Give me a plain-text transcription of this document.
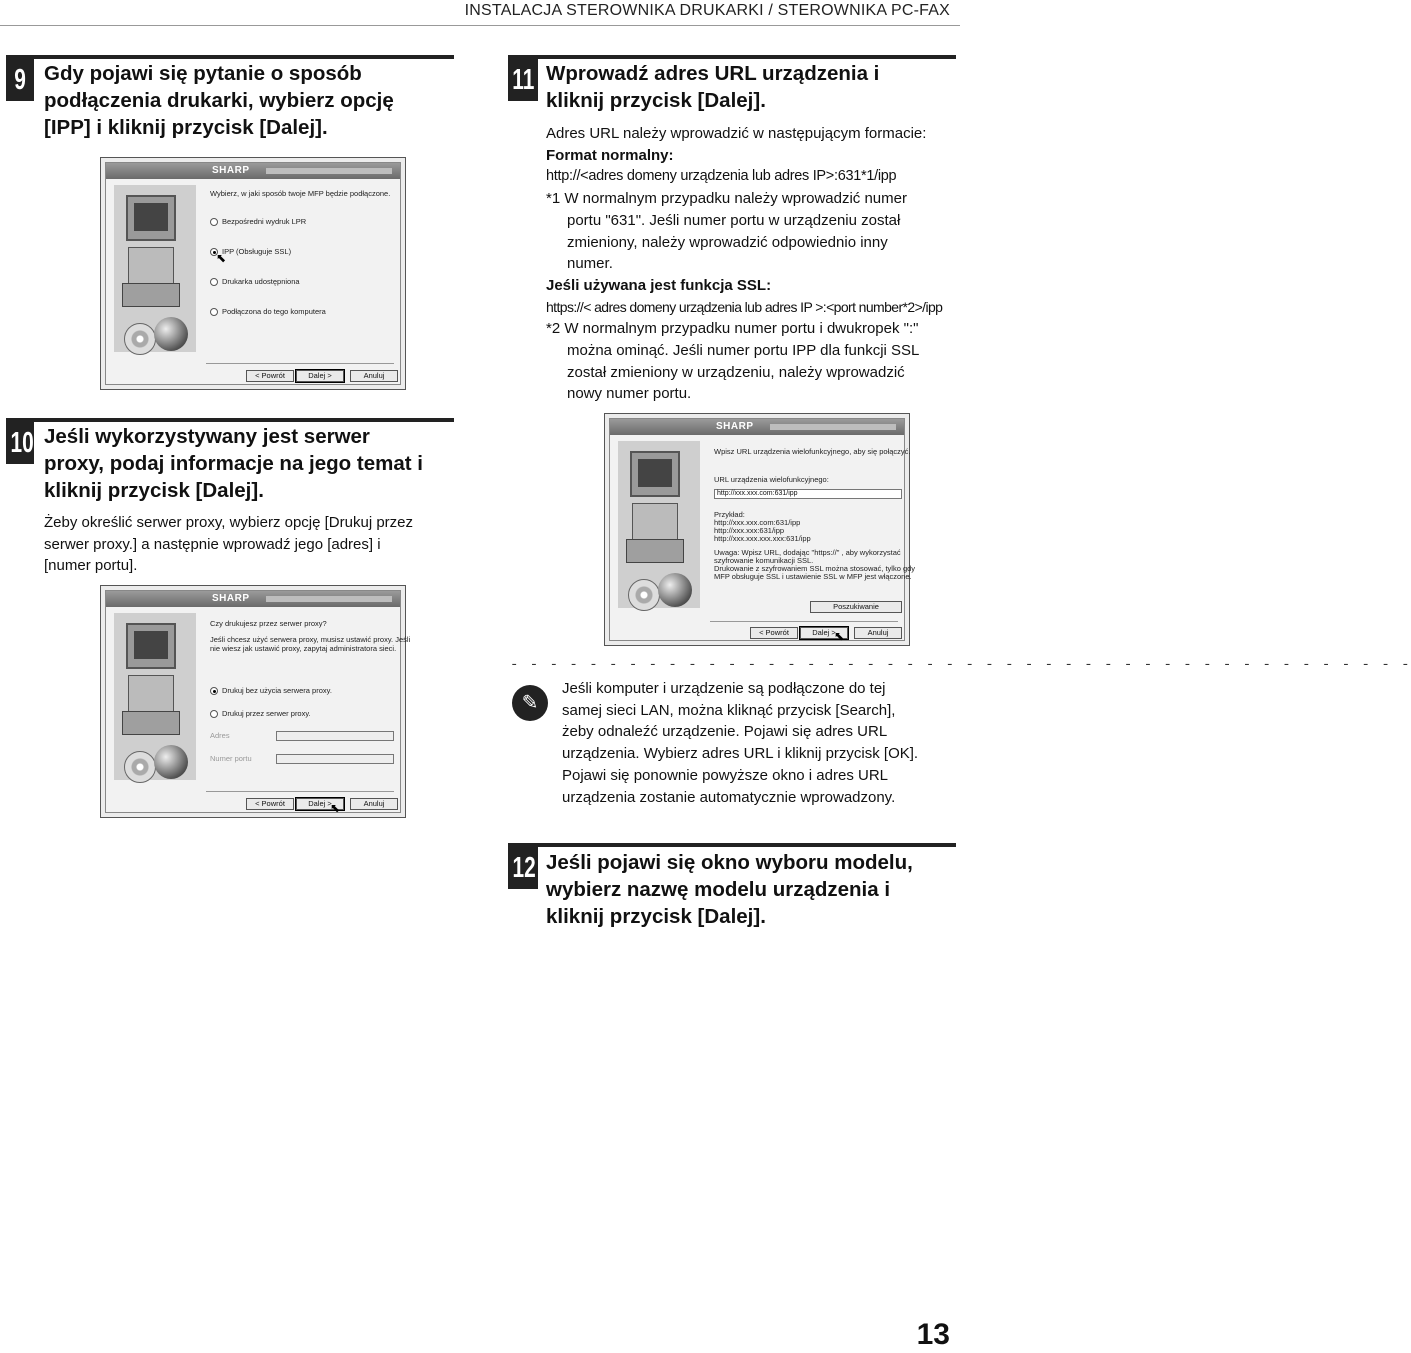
INSTALACJA STEROWNIKA DRUKARKI / STEROWNIKA PC-FAX
9 Gdy pojawi się pytanie o sposób
podłączenia drukarki, wybierz opcję
[IPP] i kliknij przycisk [Dalej].
SHARP
Wybierz, w jaki sposób twoje MFP będzie podłączone.
Bezpośredni wydruk LPR
IPP (Obsługuje SSL)
⬉
Drukarka udostępniona
Podłączona do tego komputera
< Powrót	Dalej >	Anuluj
10 Jeśli wykorzystywany jest serwer
proxy, podaj informacje na jego temat i
kliknij przycisk [Dalej].
Żeby określić serwer proxy, wybierz opcję [Drukuj przez
serwer proxy.] a następnie wprowadź jego [adres] i
[numer portu].
SHARP
Czy drukujesz przez serwer proxy?
Jeśli chcesz użyć serwera proxy, musisz ustawić proxy. Jeśli
nie wiesz jak ustawić proxy, zapytaj administratora sieci.
Drukuj bez użycia serwera proxy.
Drukuj przez serwer proxy.
Adres
Numer portu
< Powrót	Dalej >
⬉	Anuluj
11 Wprowadź adres URL urządzenia i
kliknij przycisk [Dalej].
Adres URL należy wprowadzić w następującym formacie:
Format normalny:
http://<adres domeny urządzenia lub adres IP>:631*1/ipp
*1 W normalnym przypadku należy wprowadzić numer
portu "631". Jeśli numer portu w urządzeniu został
zmieniony, należy wprowadzić odpowiednio inny
numer.
Jeśli używana jest funkcja SSL:
https://< adres domeny urządzenia lub adres IP >:<port number*2>/ipp
*2 W normalnym przypadku numer portu i dwukropek ":"
można ominąć. Jeśli numer portu IPP dla funkcji SSL
został zmieniony w urządzeniu, należy wprowadzić
nowy numer portu.
SHARP
Wpisz URL urządzenia wielofunkcyjnego, aby się połączyć.
URL urządzenia wielofunkcyjnego:
http://xxx.xxx.com:631/ipp
Przykład:
http://xxx.xxx.com:631/ipp
http://xxx.xxx:631/ipp
http://xxx.xxx.xxx.xxx:631/ipp
Uwaga: Wpisz URL, dodając "https://" , aby wykorzystać
szyfrowanie komunikacji SSL.
Drukowanie z szyfrowaniem SSL można stosować, tylko gdy
MFP obsługuje SSL i ustawienie SSL w MFP jest włączone.
Poszukiwanie
< Powrót	Dalej >
⬉	Anuluj
- - - - - - - - - - - - - - - - - - - - - - - - - - - - - - - - - - - - - - - - - - - - - -
✎
Jeśli komputer i urządzenie są podłączone do tej
samej sieci LAN, można kliknąć przycisk [Search],
żeby odnaleźć urządzenie. Pojawi się adres URL
urządzenia. Wybierz adres URL i kliknij przycisk [OK].
Pojawi się ponownie powyższe okno i adres URL
urządzenia zostanie automatycznie wprowadzony.
12 Jeśli pojawi się okno wyboru modelu,
wybierz nazwę modelu urządzenia i
kliknij przycisk [Dalej].
13
